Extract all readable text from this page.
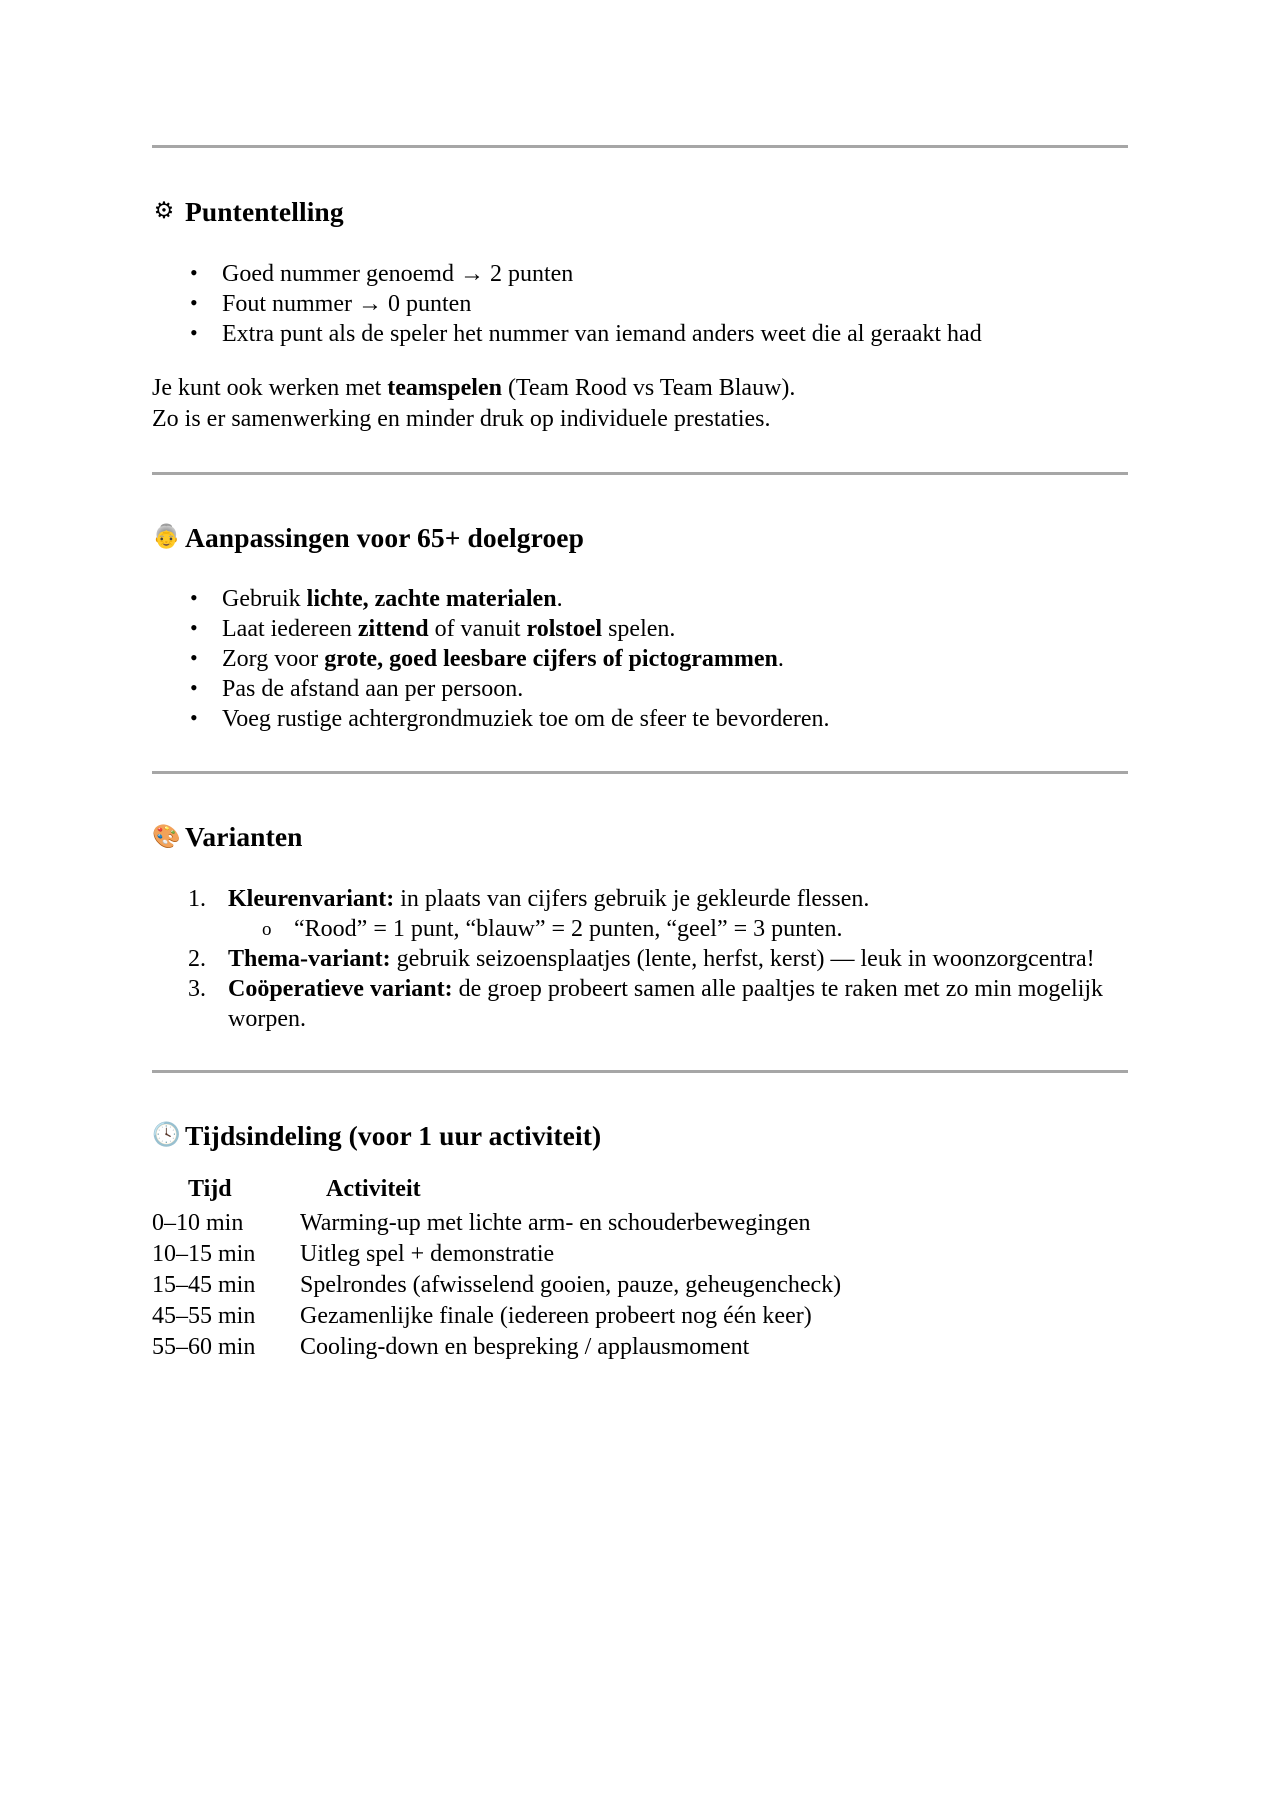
⚙ Puntentelling
• Goed nummer genoemd → 2 punten
• Fout nummer → 0 punten
• Extra punt als de speler het nummer van iemand anders weet die al geraakt had

Je kunt ook werken met teamspelen (Team Rood vs Team Blauw).
Zo is er samenwerking en minder druk op individuele prestaties.

👵 Aanpassingen voor 65+ doelgroep
• Gebruik lichte, zachte materialen.
• Laat iedereen zittend of vanuit rolstoel spelen.
• Zorg voor grote, goed leesbare cijfers of pictogrammen.
• Pas de afstand aan per persoon.
• Voeg rustige achtergrondmuziek toe om de sfeer te bevorderen.
🎨 Varianten
Kleurenvariant: in plaats van cijfers gebruik je gekleurde flessen.
o “Rood” = 1 punt, “blauw” = 2 punten, “geel” = 3 punten.
Thema-variant: gebruik seizoensplaatjes (lente, herfst, kerst) — leuk in woonzorgcentra!
Coöperatieve variant: de groep probeert samen alle paaltjes te raken met zo min mogelijk worpen.
🕓 Tijdsindeling (voor 1 uur activiteit)
Tijd	Activiteit
0–10 min	Warming-up met lichte arm- en schouderbewegingen
10–15 min	Uitleg spel + demonstratie
15–45 min	Spelrondes (afwisselend gooien, pauze, geheugencheck)
45–55 min	Gezamenlijke finale (iedereen probeert nog één keer)
55–60 min	Cooling-down en bespreking / applausmoment
